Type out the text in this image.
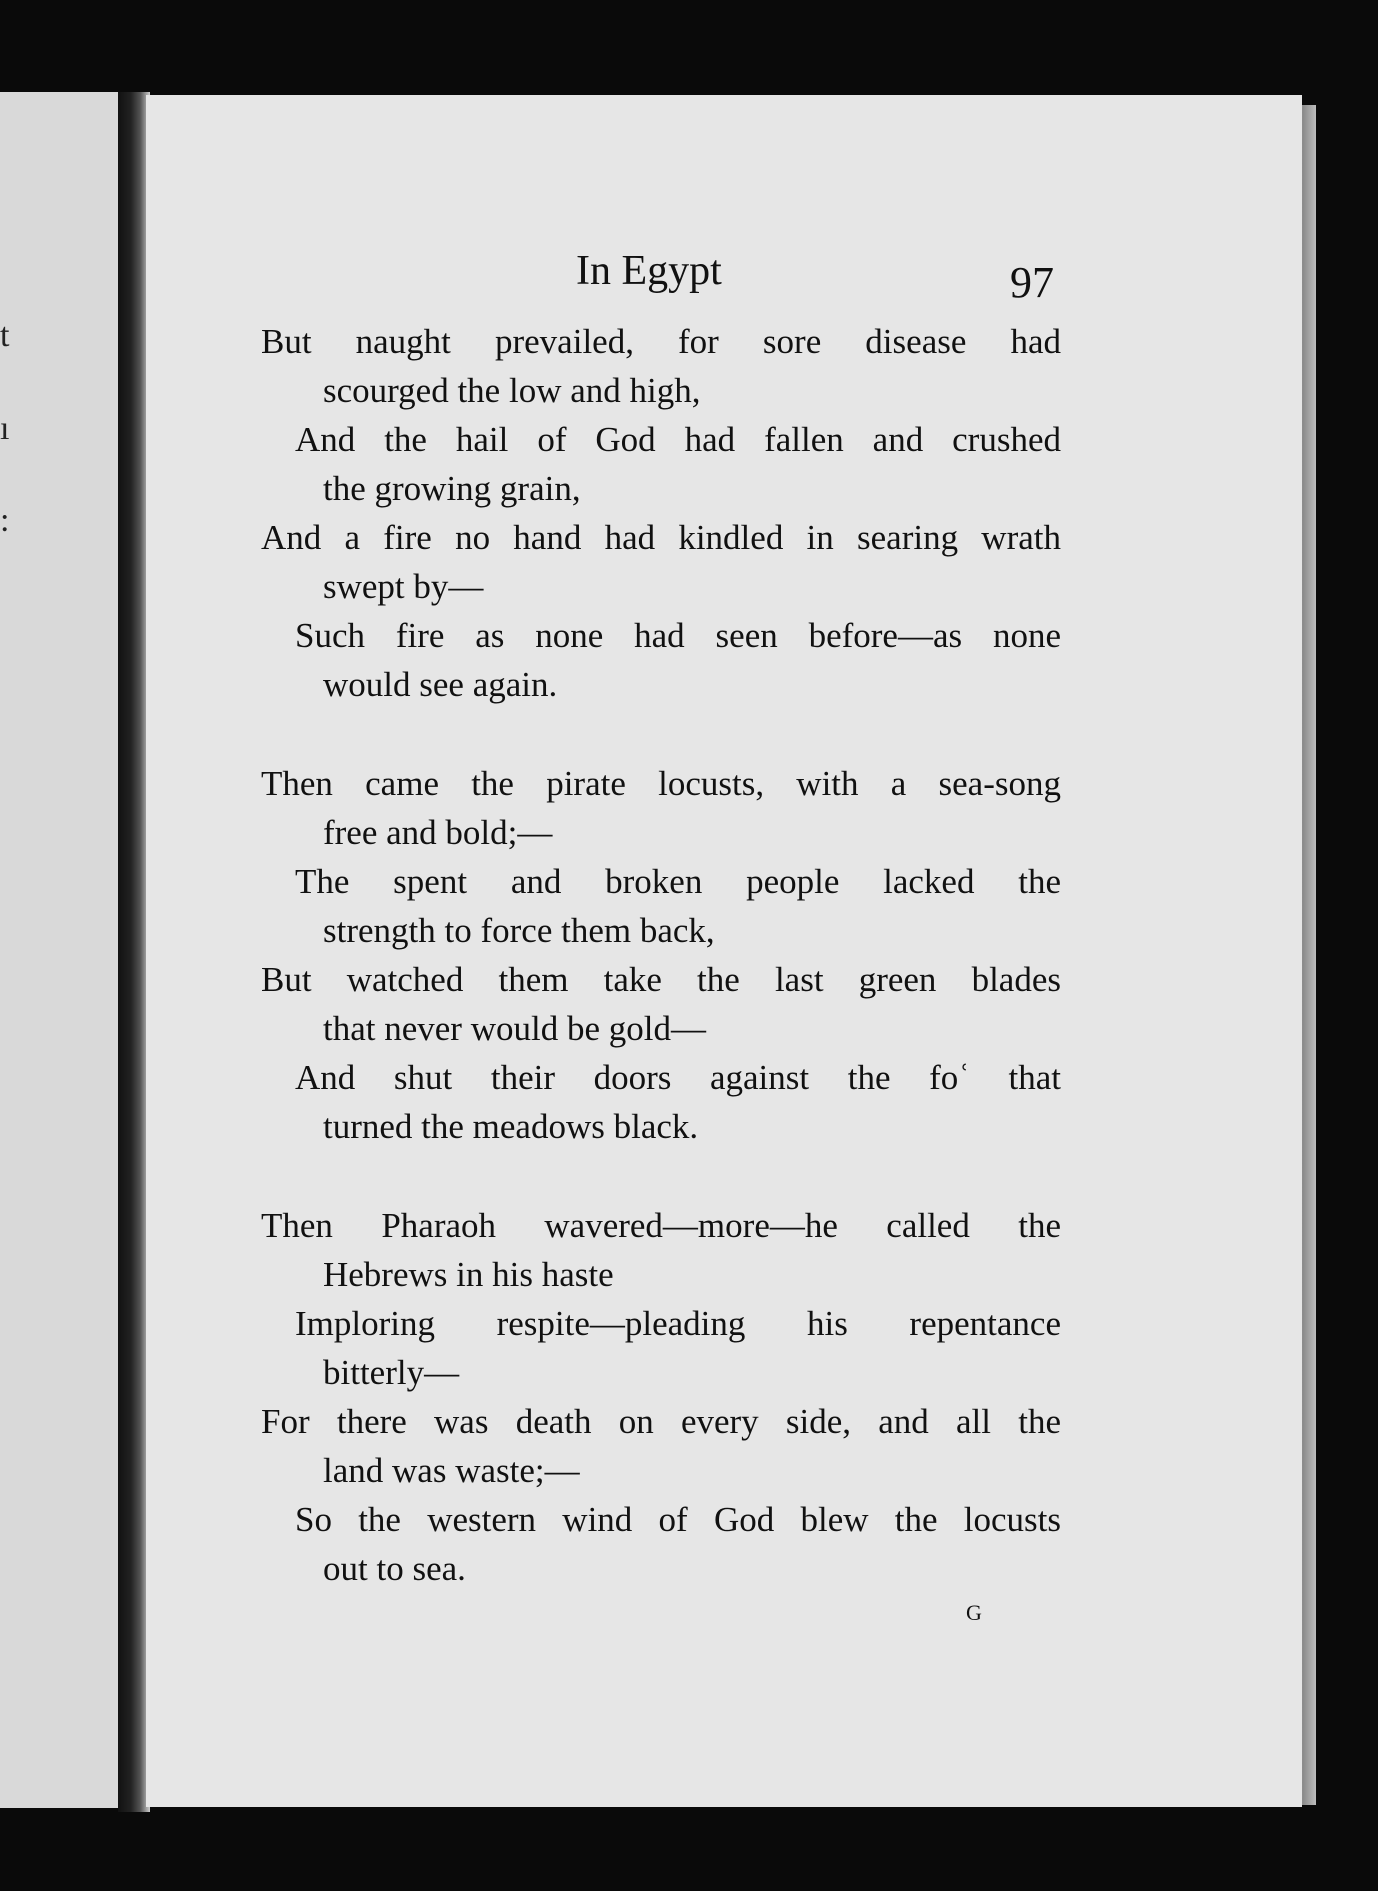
t
ı
:
In Egypt	97
But naught prevailed, for sore disease had
scourged the low and high,
And the hail of God had fallen and crushed
the growing grain,
And a fire no hand had kindled in searing wrath
swept by—
Such fire as none had seen before—as none
would see again.
Then came the pirate locusts, with a sea-song
free and bold;—
The spent and broken people lacked the
strength to force them back,
But watched them take the last green blades
that never would be gold—
And shut their doors against the foʿ that
turned the meadows black.
Then Pharaoh wavered—more—he called the
Hebrews in his haste
Imploring respite—pleading his repentance
bitterly—
For there was death on every side, and all the
land was waste;—
So the western wind of God blew the locusts
out to sea.
G
